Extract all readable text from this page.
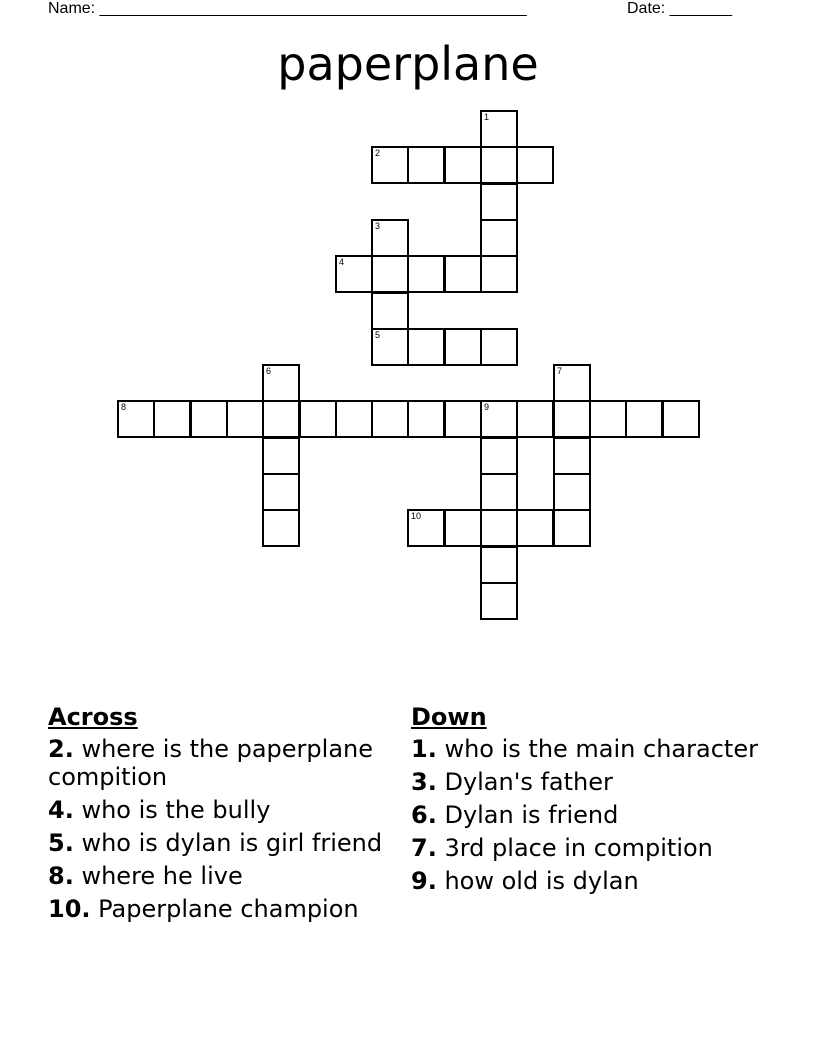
Name: ________________________________________________	Date: _______
paperplane
1
2
3
5
4
6	7
8	9
10
Across
2. where is the paperplane compition
4. who is the bully
5. who is dylan is girl friend
8. where he live
10. Paperplane champion
Down
1. who is the main character
3. Dylan's father
6. Dylan is friend
7. 3rd place in compition
9. how old is dylan
